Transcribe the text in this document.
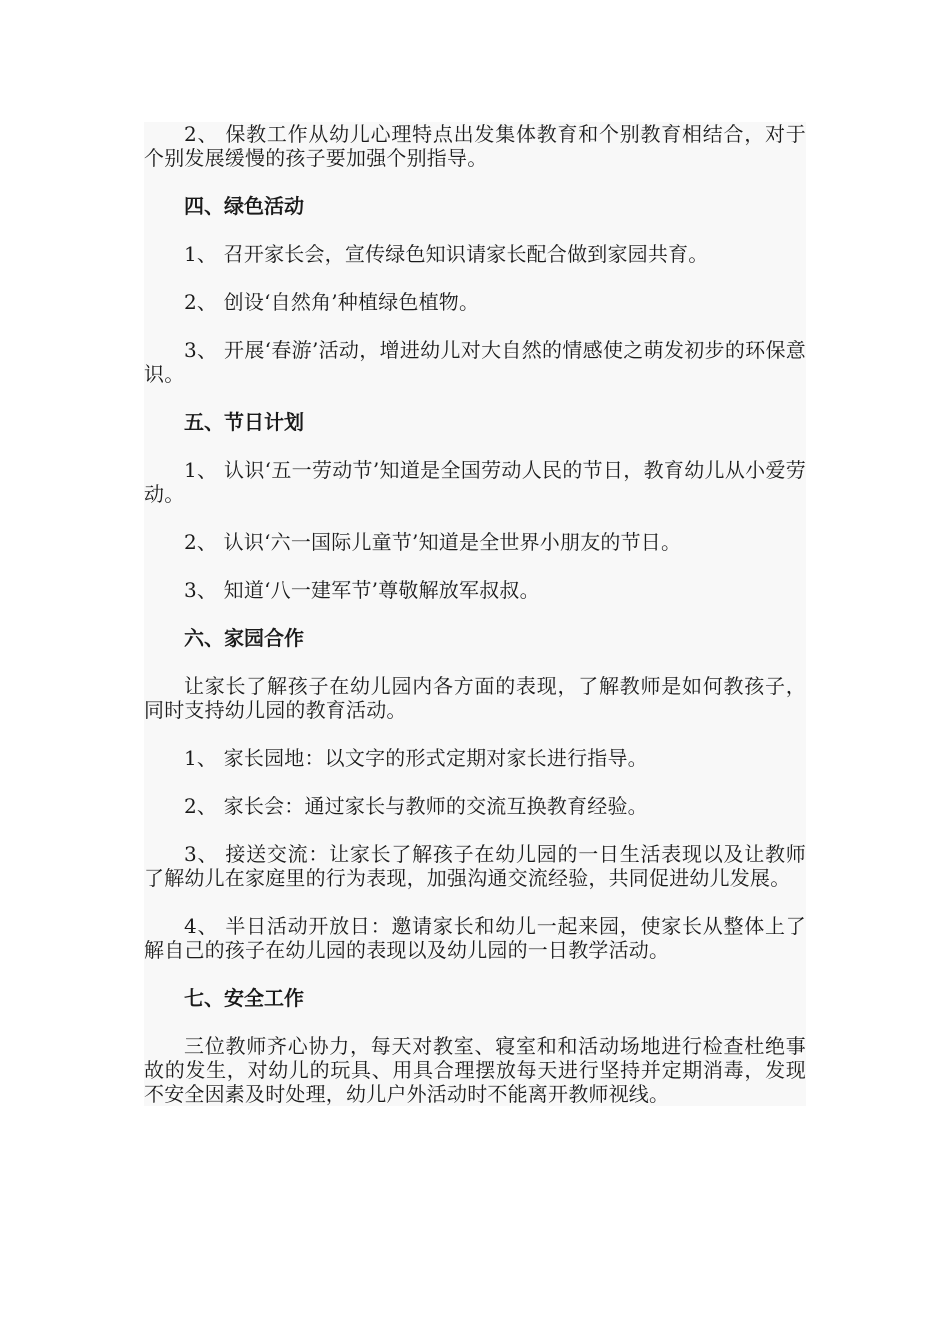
2、 保教工作从幼儿心理特点出发集体教育和个别教育相结合，对于个别发展缓慢的孩子要加强个别指导。

四、绿色活动

1、 召开家长会，宣传绿色知识请家长配合做到家园共育。

2、 创设‘自然角’种植绿色植物。

3、 开展‘春游’活动，增进幼儿对大自然的情感使之萌发初步的环保意识。

五、节日计划

1、 认识‘五一劳动节’知道是全国劳动人民的节日，教育幼儿从小爱劳动。

2、 认识‘六一国际儿童节’知道是全世界小朋友的节日。

3、 知道‘八一建军节’尊敬解放军叔叔。

六、家园合作

让家长了解孩子在幼儿园内各方面的表现，了解教师是如何教孩子，同时支持幼儿园的教育活动。

1、 家长园地：以文字的形式定期对家长进行指导。

2、 家长会：通过家长与教师的交流互换教育经验。

3、 接送交流：让家长了解孩子在幼儿园的一日生活表现以及让教师了解幼儿在家庭里的行为表现，加强沟通交流经验，共同促进幼儿发展。

4、 半日活动开放日：邀请家长和幼儿一起来园，使家长从整体上了解自己的孩子在幼儿园的表现以及幼儿园的一日教学活动。

七、安全工作

三位教师齐心协力，每天对教室、寝室和和活动场地进行检查杜绝事故的发生，对幼儿的玩具、用具合理摆放每天进行坚持并定期消毒，发现不安全因素及时处理，幼儿户外活动时不能离开教师视线。
